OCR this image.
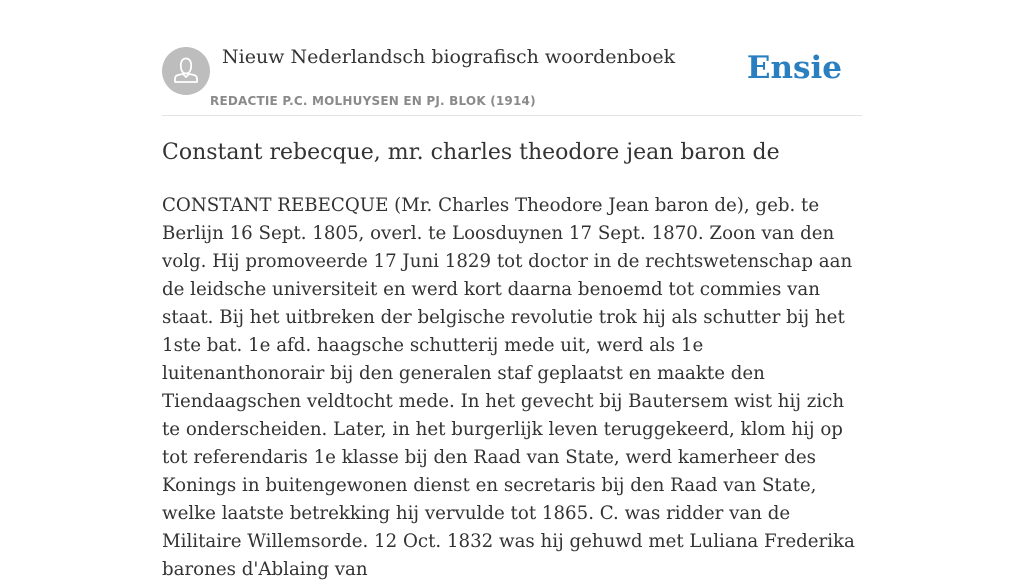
Nieuw Nederlandsch biografisch woordenboek
REDACTIE P.C. MOLHUYSEN EN PJ. BLOK (1914)
Ensie
Constant rebecque, mr. charles theodore jean baron de

CONSTANT REBECQUE (Mr. Charles Theodore Jean baron de), geb. te Berlijn 16 Sept. 1805, overl. te Loosduynen 17 Sept. 1870. Zoon van den volg. Hij promoveerde 17 Juni 1829 tot doctor in de rechtswetenschap aan de leidsche universiteit en werd kort daarna benoemd tot commies van staat. Bij het uitbreken der belgische revolutie trok hij als schutter bij het 1ste bat. 1e afd. haagsche schutterij mede uit, werd als 1e luitenanthonorair bij den generalen staf geplaatst en maakte den Tiendaagschen veldtocht mede. In het gevecht bij Bautersem wist hij zich te onderscheiden. Later, in het burgerlijk leven teruggekeerd, klom hij op tot referendaris 1e klasse bij den Raad van State, werd kamerheer des Konings in buitengewonen dienst en secretaris bij den Raad van State, welke laatste betrekking hij vervulde tot 1865. C. was ridder van de Militaire Willemsorde. 12 Oct. 1832 was hij gehuwd met Luliana Frederika barones d'Ablaing van
